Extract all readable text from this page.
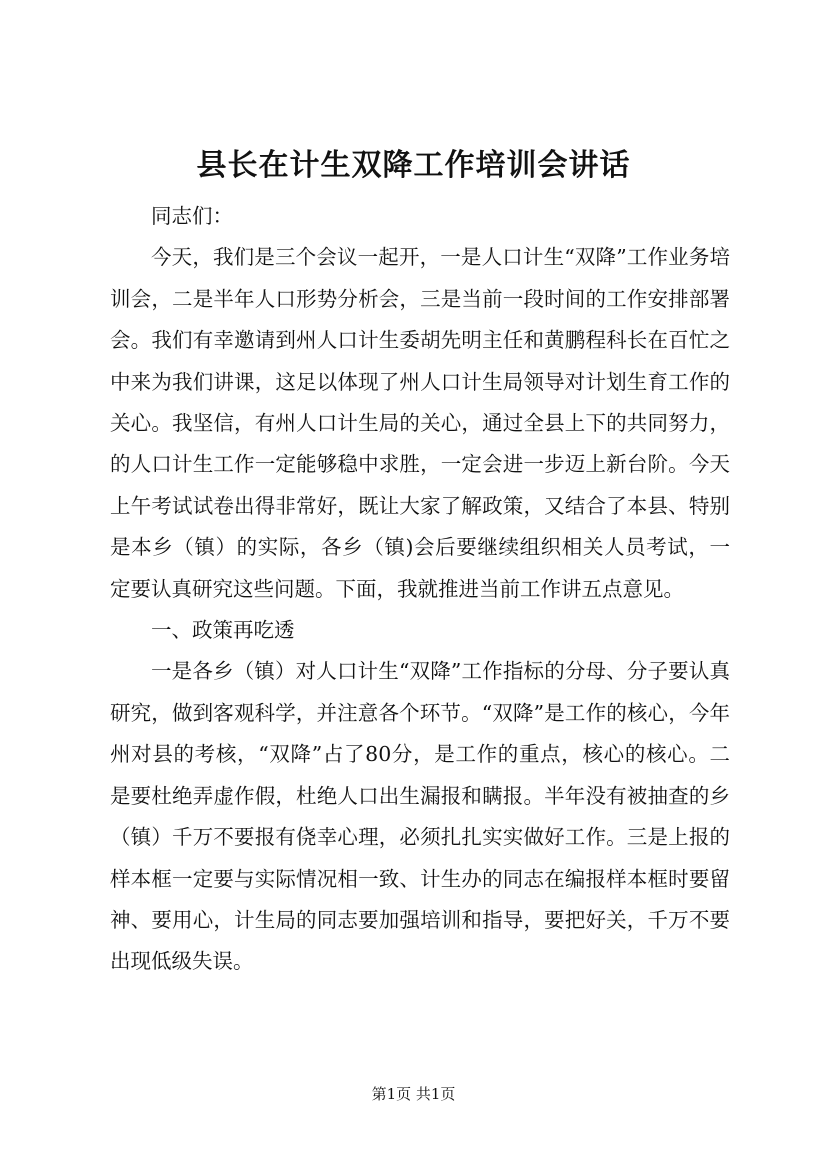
县长在计生双降工作培训会讲话

同志们：

今天，我们是三个会议一起开，一是人口计生“双降”工作业务培训会，二是半年人口形势分析会，三是当前一段时间的工作安排部署会。我们有幸邀请到州人口计生委胡先明主任和黄鹏程科长在百忙之中来为我们讲课，这足以体现了州人口计生局领导对计划生育工作的关心。我坚信，有州人口计生局的关心，通过全县上下的共同努力，的人口计生工作一定能够稳中求胜，一定会进一步迈上新台阶。今天上午考试试卷出得非常好，既让大家了解政策，又结合了本县、特别是本乡（镇）的实际，各乡（镇)会后要继续组织相关人员考试，一定要认真研究这些问题。下面，我就推进当前工作讲五点意见。

一、政策再吃透

一是各乡（镇）对人口计生“双降”工作指标的分母、分子要认真研究，做到客观科学，并注意各个环节。“双降”是工作的核心，今年州对县的考核，“双降”占了80分，是工作的重点，核心的核心。二是要杜绝弄虚作假，杜绝人口出生漏报和瞒报。半年没有被抽查的乡（镇）千万不要报有侥幸心理，必须扎扎实实做好工作。三是上报的样本框一定要与实际情况相一致、计生办的同志在编报样本框时要留神、要用心，计生局的同志要加强培训和指导，要把好关，千万不要出现低级失误。

第1页 共1页
